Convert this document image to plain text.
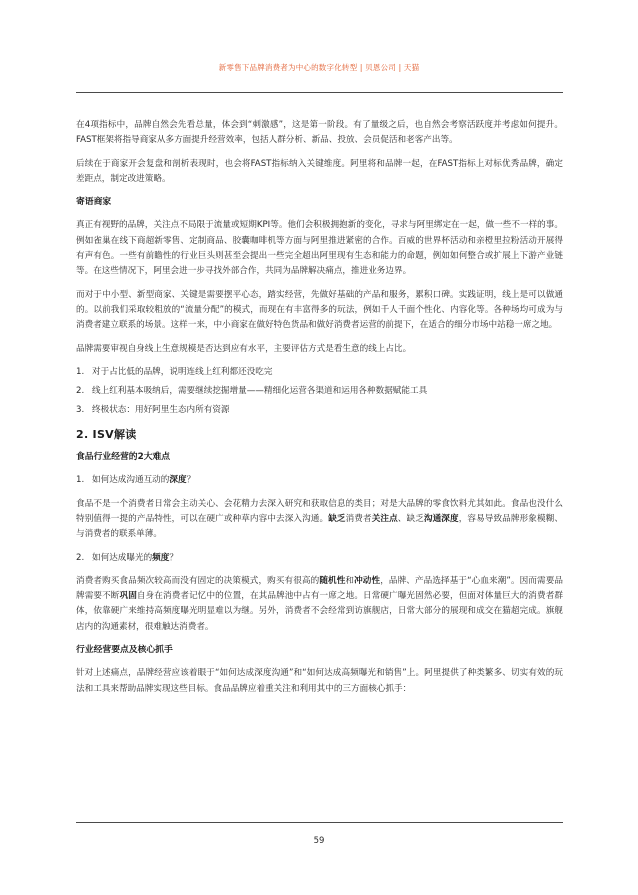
新零售下品牌消费者为中心的数字化转型 | 贝恩公司 | 天猫

在4项指标中，品牌自然会先看总量，体会到“刺激感”，这是第一阶段。有了量级之后，也自然会考察活跃度并考虑如何提升。FAST框架将指导商家从多方面提升经营效率，包括人群分析、新品、投放、会员促活和老客产出等。

后续在于商家开会复盘和剖析表现时，也会将FAST指标纳入关键维度。阿里将和品牌一起，在FAST指标上对标优秀品牌，确定差距点，制定改进策略。

寄语商家

真正有视野的品牌，关注点不局限于流量或短期KPI等。他们会积极拥抱新的变化，寻求与阿里绑定在一起，做一些不一样的事。例如雀巢在线下商超新零售、定制商品、胶囊咖啡机等方面与阿里推进紧密的合作。百威的世界杯活动和亲橙里拉粉活动开展得有声有色。一些有前瞻性的行业巨头则甚至会提出一些完全超出阿里现有生态和能力的命题，例如如何整合或扩展上下游产业链等。在这些情况下，阿里会进一步寻找外部合作，共同为品牌解决痛点，推进业务边界。

而对于中小型、新型商家、关键是需要摆平心态，踏实经营，先做好基础的产品和服务，累积口碑。实践证明，线上是可以做通的。以前我们采取较粗放的“流量分配”的模式，而现在有丰富得多的玩法，例如千人千面个性化、内容化等。各种场均可成为与消费者建立联系的场景。这样一来，中小商家在做好特色货品和做好消费者运营的前提下，在适合的细分市场中站稳一席之地。

品牌需要审视自身线上生意规模是否达到应有水平，主要评估方式是看生意的线上占比。

1. 对于占比低的品牌，说明连线上红利都还没吃完
2. 线上红利基本吸纳后，需要继续挖掘增量——精细化运营各渠道和运用各种数据赋能工具
3. 终极状态：用好阿里生态内所有资源
2. ISV解读
食品行业经营的2大难点
1. 如何达成沟通互动的深度？

食品不是一个消费者日常会主动关心、会花精力去深入研究和获取信息的类目；对是大品牌的零食饮料尤其如此。食品也没什么特别值得一提的产品特性，可以在硬广或种草内容中去深入沟通。缺乏消费者关注点、缺乏沟通深度，容易导致品牌形象模糊、与消费者的联系单薄。

2. 如何达成曝光的频度？

消费者购买食品频次较高而没有固定的决策模式，购买有很高的随机性和冲动性，品牌、产品选择基于“心血来潮”。因而需要品牌需要不断巩固自身在消费者记忆中的位置，在其品牌池中占有一席之地。日常硬广曝光固然必要，但面对体量巨大的消费者群体，依靠硬广来维持高频度曝光明显难以为继。另外，消费者不会经常到访旗舰店，日常大部分的展现和成交在猫超完成。旗舰店内的沟通素材，很难触达消费者。

行业经营要点及核心抓手

针对上述痛点，品牌经营应该着眼于“如何达成深度沟通”和“如何达成高频曝光和销售”上。阿里提供了种类繁多、切实有效的玩法和工具来帮助品牌实现这些目标。食品品牌应着重关注和利用其中的三方面核心抓手：

59
